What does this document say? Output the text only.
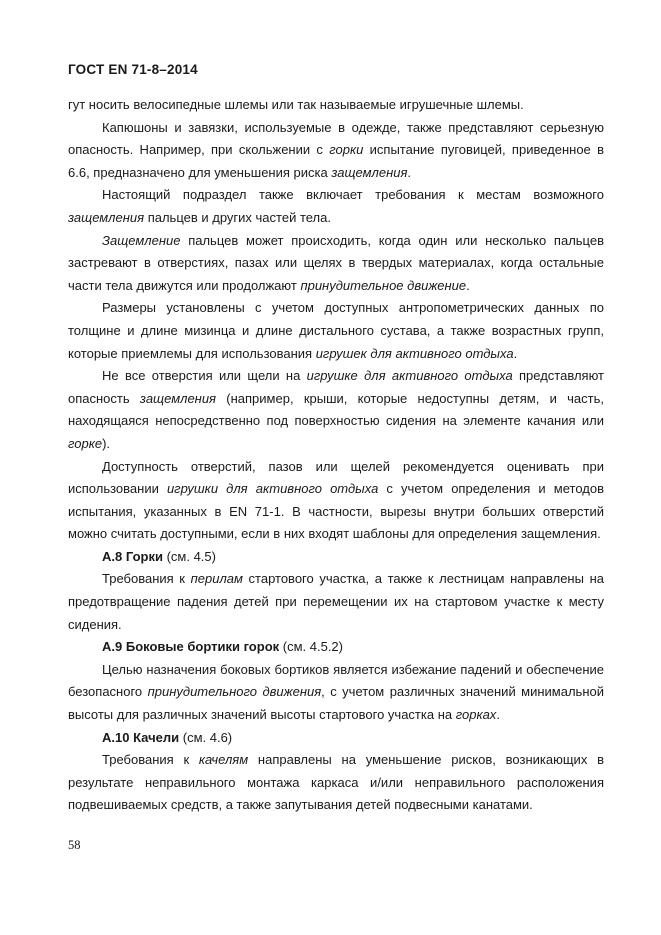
ГОСТ EN 71-8–2014

гут носить велосипедные шлемы или так называемые игрушечные шлемы.

Капюшоны и завязки, используемые в одежде, также представляют серьезную опасность. Например, при скольжении с горки испытание пуговицей, приведенное в 6.6, предназначено для уменьшения риска защемления.

Настоящий подраздел также включает требования к местам возможного защемления пальцев и других частей тела.

Защемление пальцев может происходить, когда один или несколько пальцев застревают в отверстиях, пазах или щелях в твердых материалах, когда остальные части тела движутся или продолжают принудительное движение.

Размеры установлены с учетом доступных антропометрических данных по толщине и длине мизинца и длине дистального сустава, а также возрастных групп, которые приемлемы для использования игрушек для активного отдыха.

Не все отверстия или щели на игрушке для активного отдыха представляют опасность защемления (например, крыши, которые недоступны детям, и часть, находящаяся непосредственно под поверхностью сидения на элементе качания или горке).

Доступность отверстий, пазов или щелей рекомендуется оценивать при использовании игрушки для активного отдыха с учетом определения и методов испытания, указанных в EN 71-1. В частности, вырезы внутри больших отверстий можно считать доступными, если в них входят шаблоны для определения защемления.

А.8 Горки (см. 4.5)

Требования к перилам стартового участка, а также к лестницам направлены на предотвращение падения детей при перемещении их на стартовом участке к месту сидения.

А.9 Боковые бортики горок (см. 4.5.2)

Целью назначения боковых бортиков является избежание падений и обеспечение безопасного принудительного движения, с учетом различных значений минимальной высоты для различных значений высоты стартового участка на горках.

А.10 Качели (см. 4.6)

Требования к качелям направлены на уменьшение рисков, возникающих в результате неправильного монтажа каркаса и/или неправильного расположения подвешиваемых средств, а также запутывания детей подвесными канатами.

58
